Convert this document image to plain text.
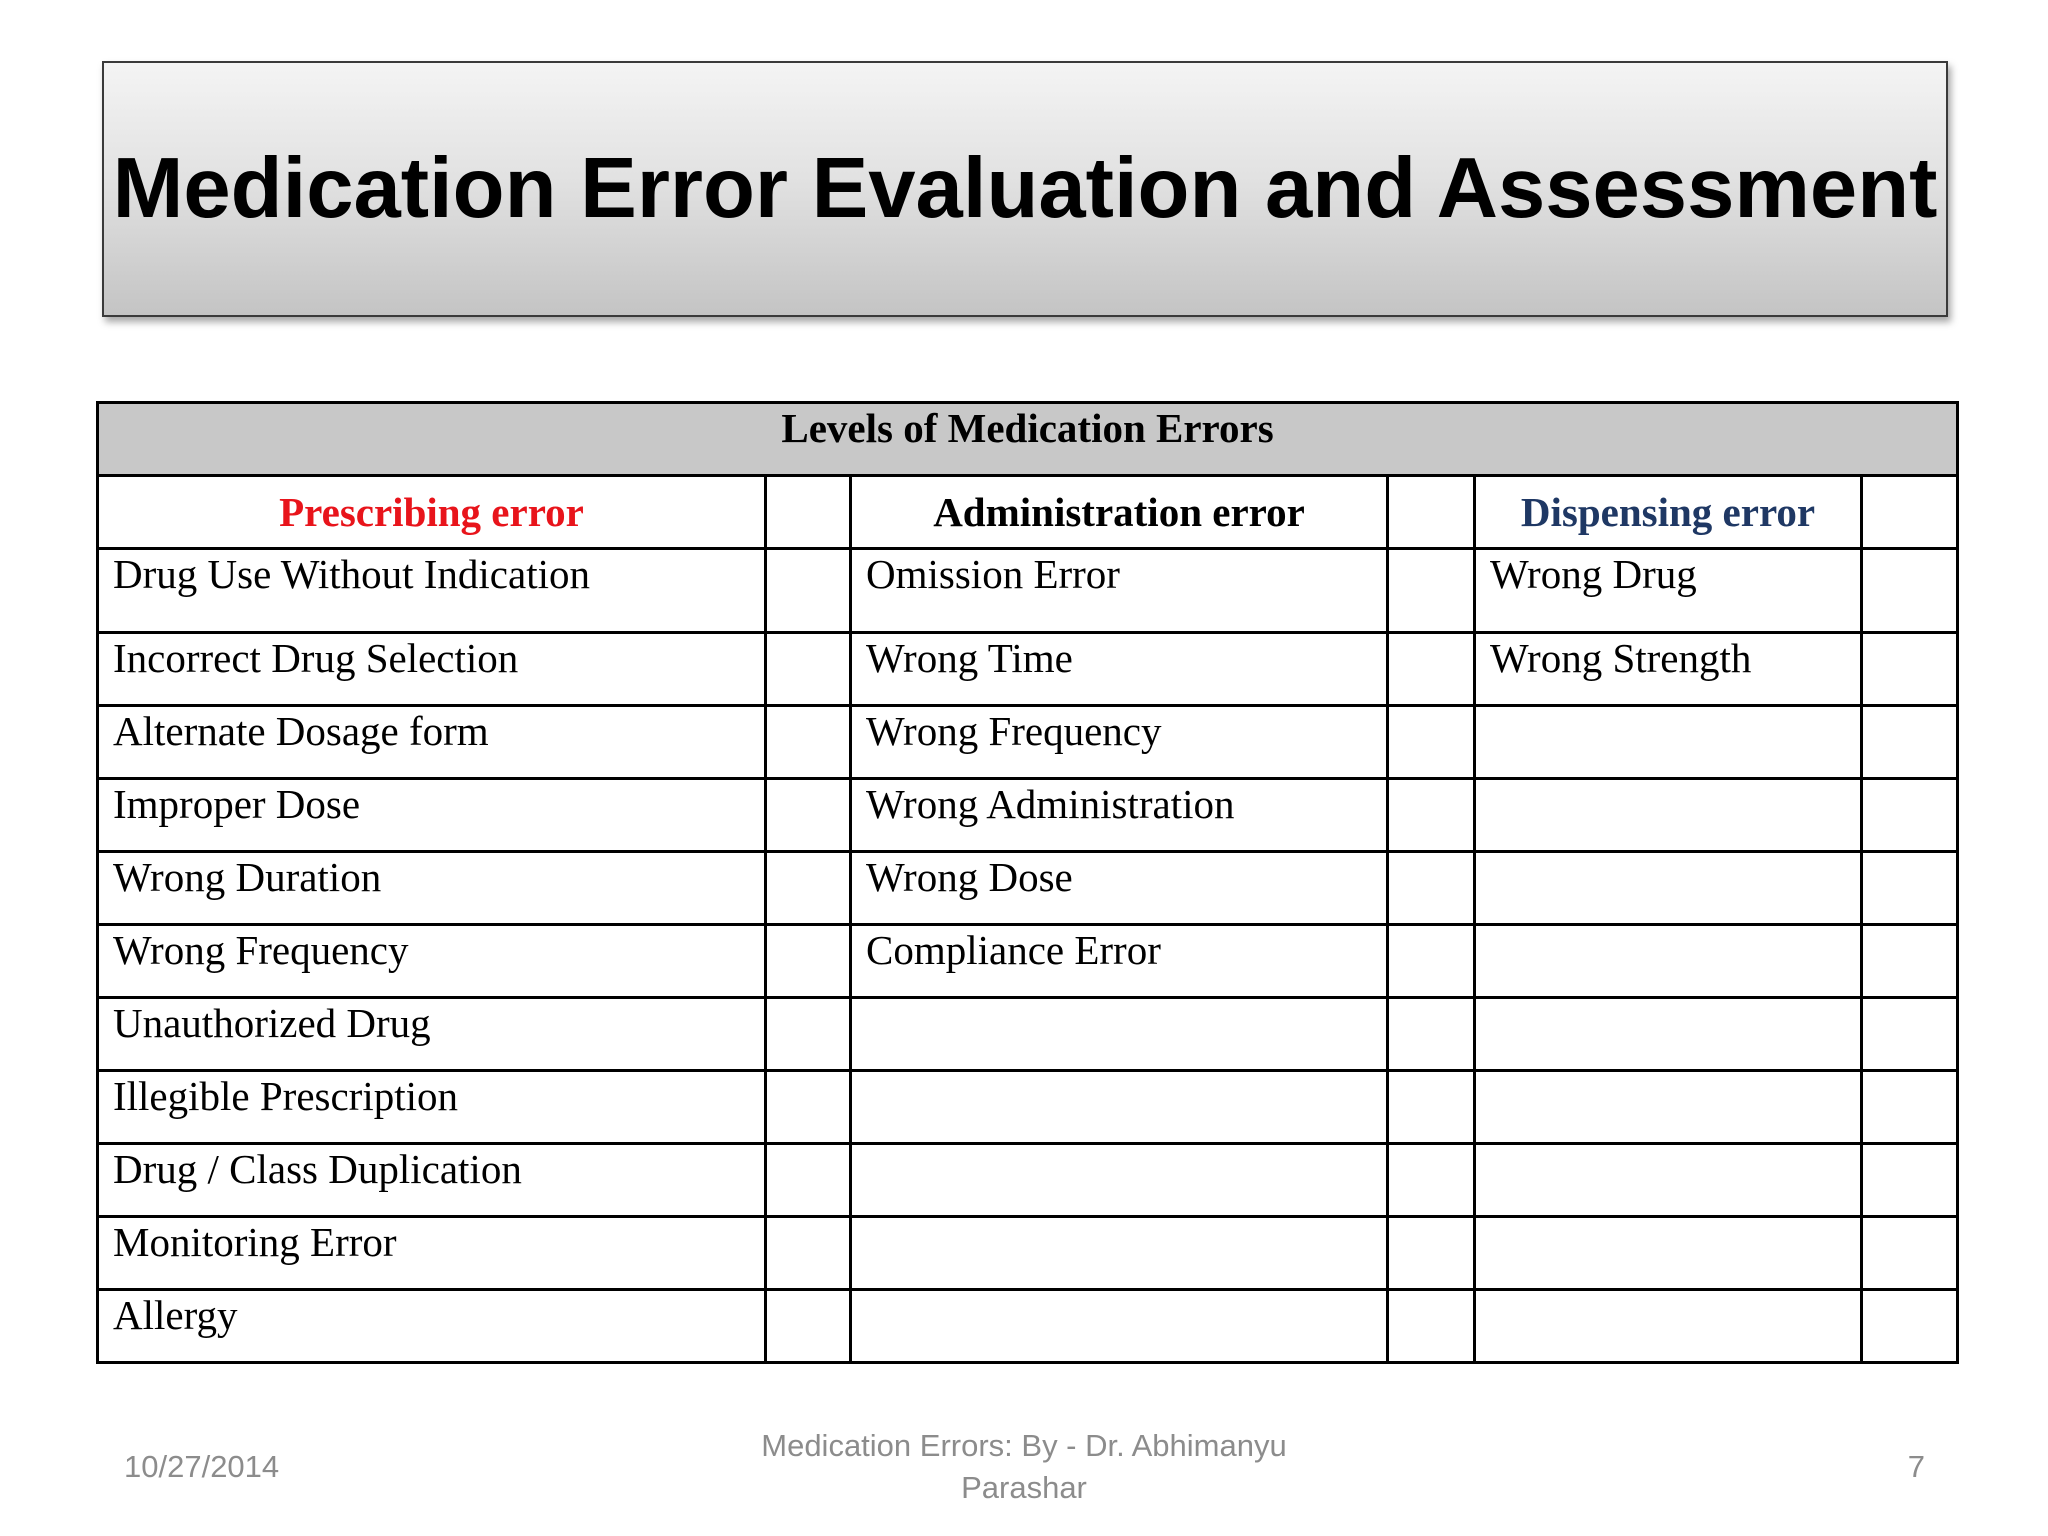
Medication Error Evaluation and Assessment
Levels of Medication Errors					
Prescribing error		Administration error		Dispensing error	
Drug Use Without Indication		Omission Error		Wrong Drug	
Incorrect Drug Selection		Wrong Time		Wrong Strength	
Alternate Dosage form		Wrong Frequency			
Improper Dose		Wrong Administration			
Wrong Duration		Wrong Dose			
Wrong Frequency		Compliance Error			
Unauthorized Drug					
Illegible Prescription					
Drug / Class Duplication					
Monitoring Error					
Allergy					
10/27/2014
Medication Errors: By - Dr. Abhimanyu
Parashar
7
